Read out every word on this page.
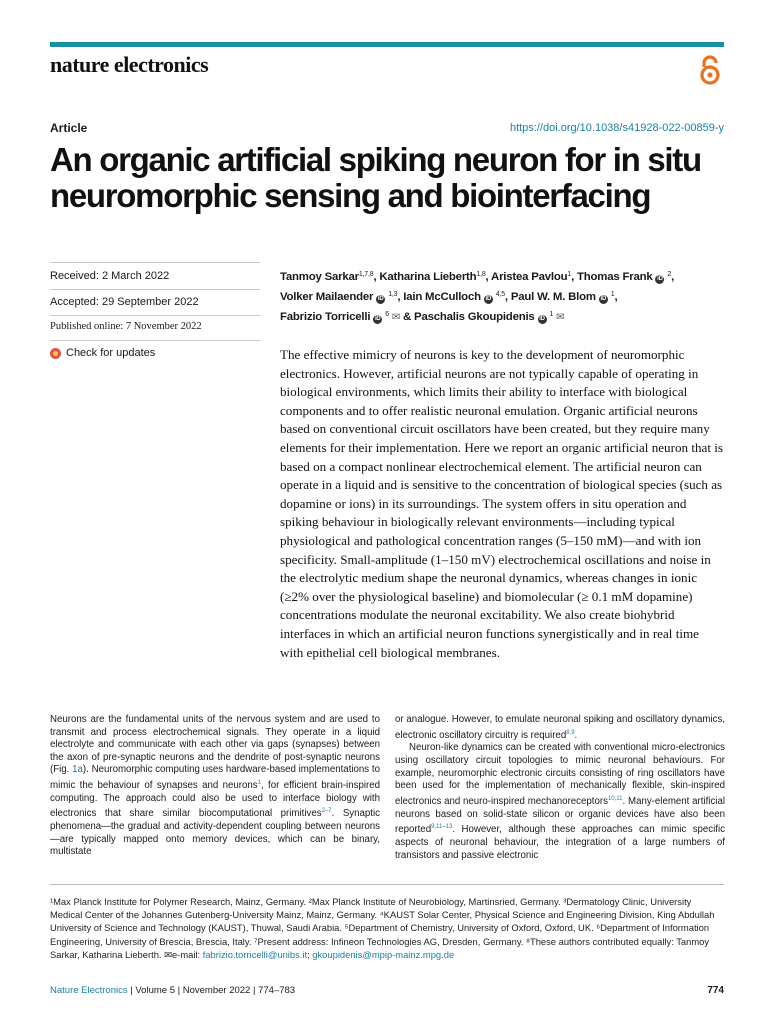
nature electronics
Article	https://doi.org/10.1038/s41928-022-00859-y
An organic artificial spiking neuron for in situ neuromorphic sensing and biointerfacing
Received: 2 March 2022
Accepted: 29 September 2022
Published online: 7 November 2022
Check for updates
Tanmoy Sarkar$^{1,7,8}$, Katharina Lieberth$^{1,8}$, Aristea Pavlou$^1$, Thomas Frank iD $^2$,
Volker Mailaender iD $^{1,3}$, Iain McCulloch iD $^{4,5}$, Paul W. M. Blom iD $^1$,
Fabrizio Torricelli iD $^6$ ✉ & Paschalis Gkoupidenis iD $^1$ ✉
The effective mimicry of neurons is key to the development of neuromorphic electronics. However, artificial neurons are not typically capable of operating in biological environments, which limits their ability to interface with biological components and to offer realistic neuronal emulation. Organic artificial neurons based on conventional circuit oscillators have been created, but they require many elements for their implementation. Here we report an organic artificial neuron that is based on a compact nonlinear electrochemical element. The artificial neuron can operate in a liquid and is sensitive to the concentration of biological species (such as dopamine or ions) in its surroundings. The system offers in situ operation and spiking behaviour in biologically relevant environments—including typical physiological and pathological concentration ranges (5–150 mM)—and with ion specificity. Small-amplitude (1–150 mV) electrochemical oscillations and noise in the electrolytic medium shape the neuronal dynamics, whereas changes in ionic (≥2% over the physiological baseline) and biomolecular (≥ 0.1 mM dopamine) concentrations modulate the neuronal excitability. We also create biohybrid interfaces in which an artificial neuron functions synergistically and in real time with epithelial cell biological membranes.

Neurons are the fundamental units of the nervous system and are used to transmit and process electrochemical signals. They operate in a liquid electrolyte and communicate with each other via gaps (synapses) between the axon of pre-synaptic neurons and the dendrite of post-synaptic neurons (Fig. 1a). Neuromorphic computing uses hardware-based implementations to mimic the behaviour of synapses and neurons$^1$, for efficient brain-inspired computing. The approach could also be used to interface biology with electronics that share similar biocomputational primitives$^{2-7}$. Synaptic phenomena—the gradual and activity-dependent coupling between neurons—are typically mapped onto memory devices, which can be binary, multistate

or analogue. However, to emulate neuronal spiking and oscillatory dynamics, electronic oscillatory circuitry is required$^{8,9}$.

Neuron-like dynamics can be created with conventional micro-electronics using oscillatory circuit topologies to mimic neuronal behaviours. For example, neuromorphic electronic circuits consisting of ring oscillators have been used for the implementation of mechanically flexible, skin-inspired electronics and neuro-inspired mechanoreceptors$^{10,11}$. Many-element artificial neurons based on solid-state silicon or organic devices have also been reported$^{9,11-13}$. However, although these approaches can mimic specific aspects of neuronal behaviour, the integration of a large numbers of transistors and passive electronic

¹Max Planck Institute for Polymer Research, Mainz, Germany. ²Max Planck Institute of Neurobiology, Martinsried, Germany. ³Dermatology Clinic, University Medical Center of the Johannes Gutenberg-University Mainz, Mainz, Germany. ⁴KAUST Solar Center, Physical Science and Engineering Division, King Abdullah University of Science and Technology (KAUST), Thuwal, Saudi Arabia. ⁵Department of Chemistry, University of Oxford, Oxford, UK. ⁶Department of Information Engineering, University of Brescia, Brescia, Italy. ⁷Present address: Infineon Technologies AG, Dresden, Germany. ⁸These authors contributed equally: Tanmoy Sarkar, Katharina Lieberth. ✉e-mail: fabrizio.torricelli@unibs.it; gkoupidenis@mpip-mainz.mpg.de
Nature Electronics | Volume 5 | November 2022 | 774–783	774
